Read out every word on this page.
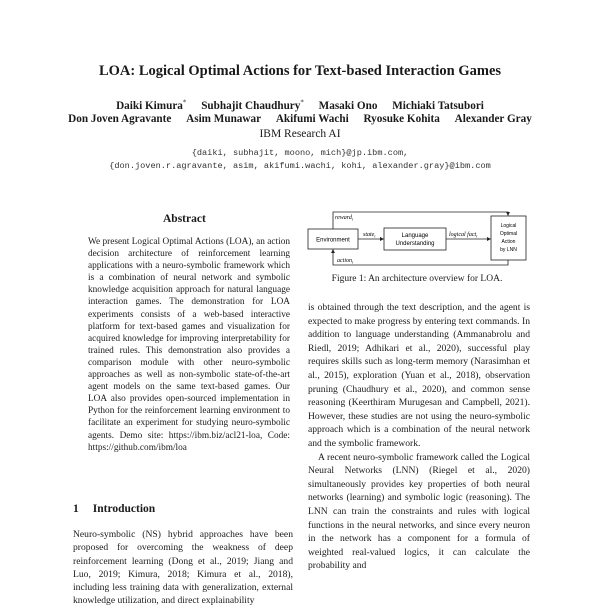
LOA: Logical Optimal Actions for Text-based Interaction Games
Daiki Kimura* Subhajit Chaudhury* Masaki Ono Michiaki Tatsubori
Don Joven Agravante Asim Munawar Akifumi Wachi Ryosuke Kohita Alexander Gray
IBM Research AI
{daiki, subhajit, moono, mich}@jp.ibm.com,
{don.joven.r.agravante, asim, akifumi.wachi, kohi, alexander.gray}@ibm.com
Abstract

We present Logical Optimal Actions (LOA), an action decision architecture of reinforcement learning applications with a neuro-symbolic framework which is a combination of neural network and symbolic knowledge acquisition approach for natural language interaction games. The demonstration for LOA experiments consists of a web-based interactive platform for text-based games and visualization for acquired knowledge for improving interpretability for trained rules. This demonstration also provides a comparison module with other neuro-symbolic approaches as well as non-symbolic state-of-the-art agent models on the same text-based games. Our LOA also provides open-sourced implementation in Python for the reinforcement learning environment to facilitate an experiment for studying neuro-symbolic agents. Demo site: https://ibm.biz/acl21-loa, Code: https://github.com/ibm/loa

1 Introduction

Neuro-symbolic (NS) hybrid approaches have been proposed for overcoming the weakness of deep reinforcement learning (Dong et al., 2019; Jiang and Luo, 2019; Kimura, 2018; Kimura et al., 2018), including less training data with generalization, external knowledge utilization, and direct explainability

Environment
Language
Understanding
Logical
Optimal
Action
by LNN
reward$_t$
state$_t$	logical fact$_t$
action$_t$
Figure 1: An architecture overview for LOA.

is obtained through the text description, and the agent is expected to make progress by entering text commands. In addition to language understanding (Ammanabrolu and Riedl, 2019; Adhikari et al., 2020), successful play requires skills such as long-term memory (Narasimhan et al., 2015), exploration (Yuan et al., 2018), observation pruning (Chaudhury et al., 2020), and common sense reasoning (Keerthiram Murugesan and Campbell, 2021). However, these studies are not using the neuro-symbolic approach which is a combination of the neural network and the symbolic framework.

A recent neuro-symbolic framework called the Logical Neural Networks (LNN) (Riegel et al., 2020) simultaneously provides key properties of both neural networks (learning) and symbolic logic (reasoning). The LNN can train the constraints and rules with logical functions in the neural networks, and since every neuron in the network has a component for a formula of weighted real-valued logics, it can calculate the probability and
